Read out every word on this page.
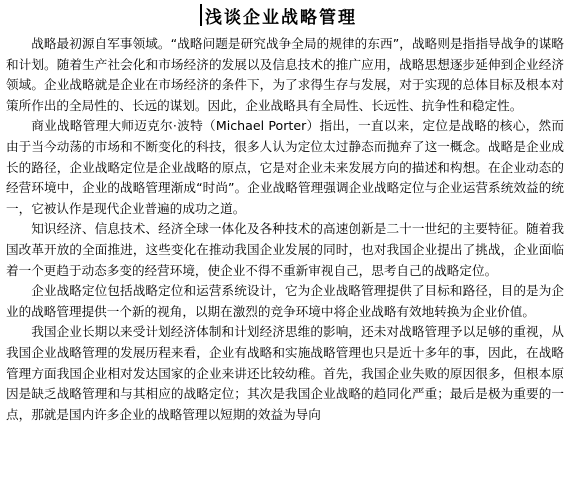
浅谈企业战略管理

战略最初源自军事领域。“战略问题是研究战争全局的规律的东西”，战略则是指指导战争的谋略和计划。随着生产社会化和市场经济的发展以及信息技术的推广应用，战略思想逐步延伸到企业经济领域。企业战略就是企业在市场经济的条件下，为了求得生存与发展，对于实现的总体目标及根本对策所作出的全局性的、长远的谋划。因此，企业战略具有全局性、长远性、抗争性和稳定性。

商业战略管理大师迈克尔·波特（Michael Porter）指出，一直以来，定位是战略的核心，然而由于当今动荡的市场和不断变化的科技，很多人认为定位太过静态而抛弃了这一概念。战略是企业成长的路径，企业战略定位是企业战略的原点，它是对企业未来发展方向的描述和构想。在企业动态的经营环境中，企业的战略管理渐成“时尚”。企业战略管理强调企业战略定位与企业运营系统效益的统一，它被认作是现代企业普遍的成功之道。

知识经济、信息技术、经济全球一体化及各种技术的高速创新是二十一世纪的主要特征。随着我国改革开放的全面推进，这些变化在推动我国企业发展的同时，也对我国企业提出了挑战，企业面临着一个更趋于动态多变的经营环境，使企业不得不重新审视自己，思考自己的战略定位。

企业战略定位包括战略定位和运营系统设计，它为企业战略管理提供了目标和路径，目的是为企业的战略管理提供一个新的视角，以期在激烈的竞争环境中将企业战略有效地转换为企业价值。

我国企业长期以来受计划经济体制和计划经济思维的影响，还未对战略管理予以足够的重视，从我国企业战略管理的发展历程来看，企业有战略和实施战略管理也只是近十多年的事，因此，在战略管理方面我国企业相对发达国家的企业来讲还比较幼稚。首先，我国企业失败的原因很多，但根本原因是缺乏战略管理和与其相应的战略定位；其次是我国企业战略的趋同化严重；最后是极为重要的一点，那就是国内许多企业的战略管理以短期的效益为导向
